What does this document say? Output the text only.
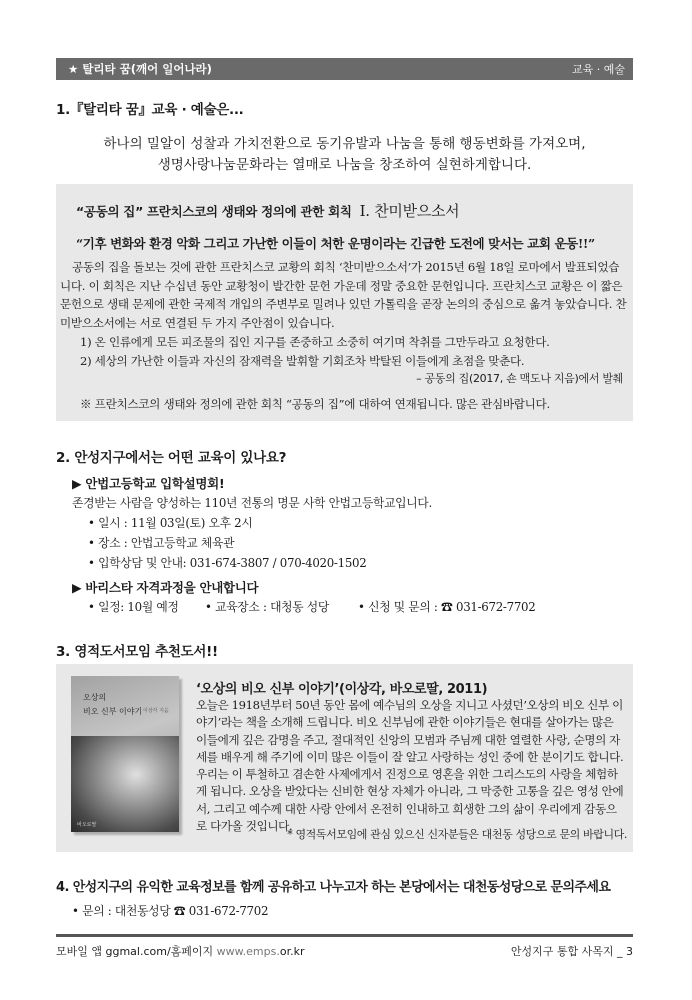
★ 탈리타 꿈(깨어 일어나라)	교육 · 예술
1.『탈리타 꿈』교육 · 예술은...
하나의 밀알이 성찰과 가치전환으로 동기유발과 나눔을 통해 행동변화를 가져오며,
생명사랑나눔문화라는 열매로 나눔을 창조하여 실현하게합니다.
“공동의 집” 프란치스코의 생태와 정의에 관한 회칙 Ⅰ. 찬미받으소서
“기후 변화와 환경 악화 그리고 가난한 이들이 처한 운명이라는 긴급한 도전에 맞서는 교회 운동!!”

공동의 집을 돌보는 것에 관한 프란치스코 교황의 회칙 ‘찬미받으소서’가 2015년 6월 18일 로마에서 발표되었습니다. 이 회칙은 지난 수십년 동안 교황청이 발간한 문헌 가운데 정말 중요한 문헌입니다. 프란치스코 교황은 이 짧은 문헌으로 생태 문제에 관한 국제적 개입의 주변부로 밀려나 있던 가톨릭을 곧장 논의의 중심으로 옮겨 놓았습니다. 찬미받으소서에는 서로 연결된 두 가지 주안점이 있습니다.

1) 온 인류에게 모든 피조물의 집인 지구를 존중하고 소중히 여기며 착취를 그만두라고 요청한다.

2) 세상의 가난한 이들과 자신의 잠재력을 발휘할 기회조차 박탈된 이들에게 초점을 맞춘다.

– 공동의 집(2017, 숀 맥도나 지음)에서 발췌

※ 프란치스코의 생태와 정의에 관한 회칙 “공동의 집”에 대하여 연재됩니다. 많은 관심바랍니다.

2. 안성지구에서는 어떤 교육이 있나요?
▶ 안법고등학교 입학설명회!
존경받는 사람을 양성하는 110년 전통의 명문 사학 안법고등학교입니다.
• 일시 : 11월 03일(토) 오후 2시
• 장소 : 안법고등학교 체육관
• 입학상담 및 안내: 031-674-3807 / 070-4020-1502
▶ 바리스타 자격과정을 안내합니다
• 일정: 10월 예정 • 교육장소 : 대청동 성당 • 신청 및 문의 : ☎ 031-672-7702
3. 영적도서모임 추천도서!!
오상의
비오 신부 이야기 이상각 지음
바오로딸
‘오상의 비오 신부 이야기’(이상각, 바오로딸, 2011)
오늘은 1918년부터 50년 동안 몸에 예수님의 오상을 지니고 사셨던’오상의 비오 신부 이야기’라는 책을 소개해 드립니다. 비오 신부님에 관한 이야기들은 현대를 살아가는 많은 이들에게 깊은 감명을 주고, 절대적인 신앙의 모범과 주님께 대한 열렬한 사랑, 순명의 자세를 배우게 해 주기에 이미 많은 이들이 잘 알고 사랑하는 성인 중에 한 분이기도 합니다. 우리는 이 투철하고 겸손한 사제에게서 진정으로 영혼을 위한 그리스도의 사랑을 체험하게 됩니다. 오상을 받았다는 신비한 현상 자체가 아니라, 그 막중한 고통을 깊은 영성 안에서, 그리고 예수께 대한 사랑 안에서 온전히 인내하고 희생한 그의 삶이 우리에게 감동으로 다가올 것입니다.
* 영적독서모임에 관심 있으신 신자분들은 대천동 성당으로 문의 바랍니다.
4. 안성지구의 유익한 교육정보를 함께 공유하고 나누고자 하는 본당에서는 대천동성당으로 문의주세요
• 문의 : 대천동성당 ☎ 031-672-7702
모바일 앱 ggmal.com/홈페이지 www.emps.or.kr	안성지구 통합 사목지 _ 3
